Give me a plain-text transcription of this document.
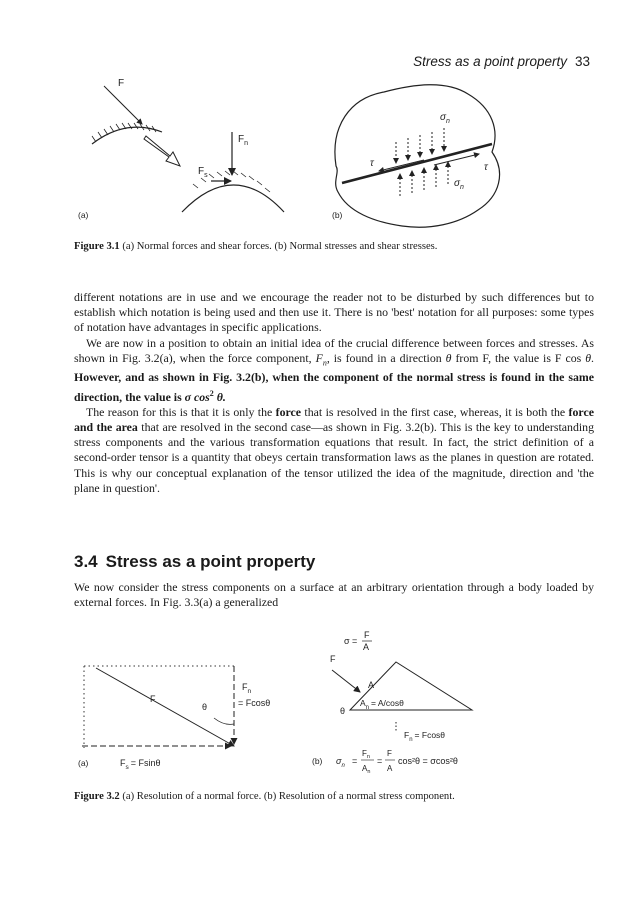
Stress as a point property 33
F
$F_n$
$F_s$
(a)
$\sigma_n$
τ	τ
$\sigma_n$
(b)
Figure 3.1 (a) Normal forces and shear forces. (b) Normal stresses and shear stresses.

different notations are in use and we encourage the reader not to be disturbed by such differences but to establish which notation is being used and then use it. There is no 'best' notation for all purposes: some types of notation have advantages in specific applications.

We are now in a position to obtain an initial idea of the crucial difference between forces and stresses. As shown in Fig. 3.2(a), when the force component, $F_n$, is found in a direction θ from F, the value is F cos θ. However, and as shown in Fig. 3.2(b), when the component of the normal stress is found in the same direction, the value is σ $\cos^2 \theta$.

The reason for this is that it is only the force that is resolved in the first case, whereas, it is both the force and the area that are resolved in the second case—as shown in Fig. 3.2(b). This is the key to understanding stress components and the various transformation equations that result. In fact, the strict definition of a second-order tensor is a quantity that obeys certain transformation laws as the planes in question are rotated. This is why our conceptual explanation of the tensor utilized the idea of the magnitude, direction and 'the plane in question'.

3.4 Stress as a point property

We now consider the stress components on a surface at an arbitrary orientation through a body loaded by external forces. In Fig. 3.3(a) a generalized

F
θ
$F_n$
= Fcosθ
(a)	$F_s = Fsin\theta$
σ =
F
A
F
A
θ
$A_n = A/\cos\theta$
$F_n = Fcos\theta$
(b) $\sigma_n$ =
$F_n$
$A_n$
=
F
A
cos²θ = σcos²θ
Figure 3.2 (a) Resolution of a normal force. (b) Resolution of a normal stress component.
